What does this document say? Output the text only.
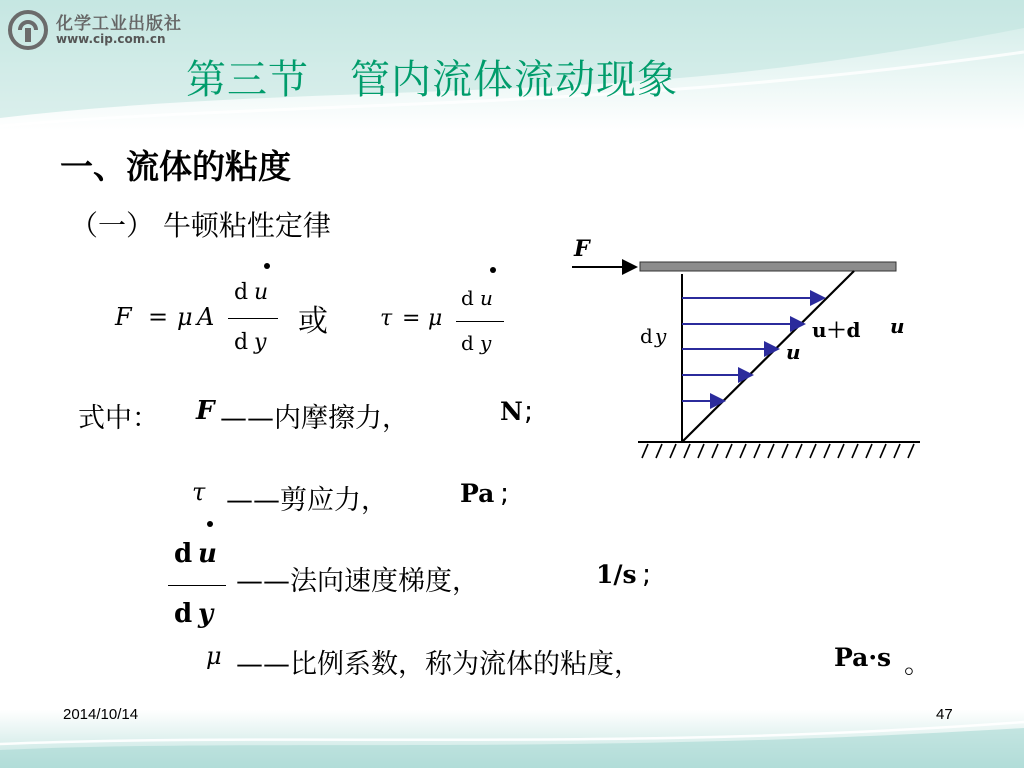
化学工业出版社
www.cip.com.cn
第三节　管内流体流动现象
一、流体的粘度
（一） 牛顿粘性定律
F = μ A
d u
d y
或 τ = μ
d u
d y
式中： F ——内摩擦力，	N ;
τ ——剪应力，	Pa ;
d u
d y
——法向速度梯度，	1/s ;
μ ——比例系数，称为流体的粘度，	Pa·s 。
F
d y	u＋d u
u
2014/10/14	47
